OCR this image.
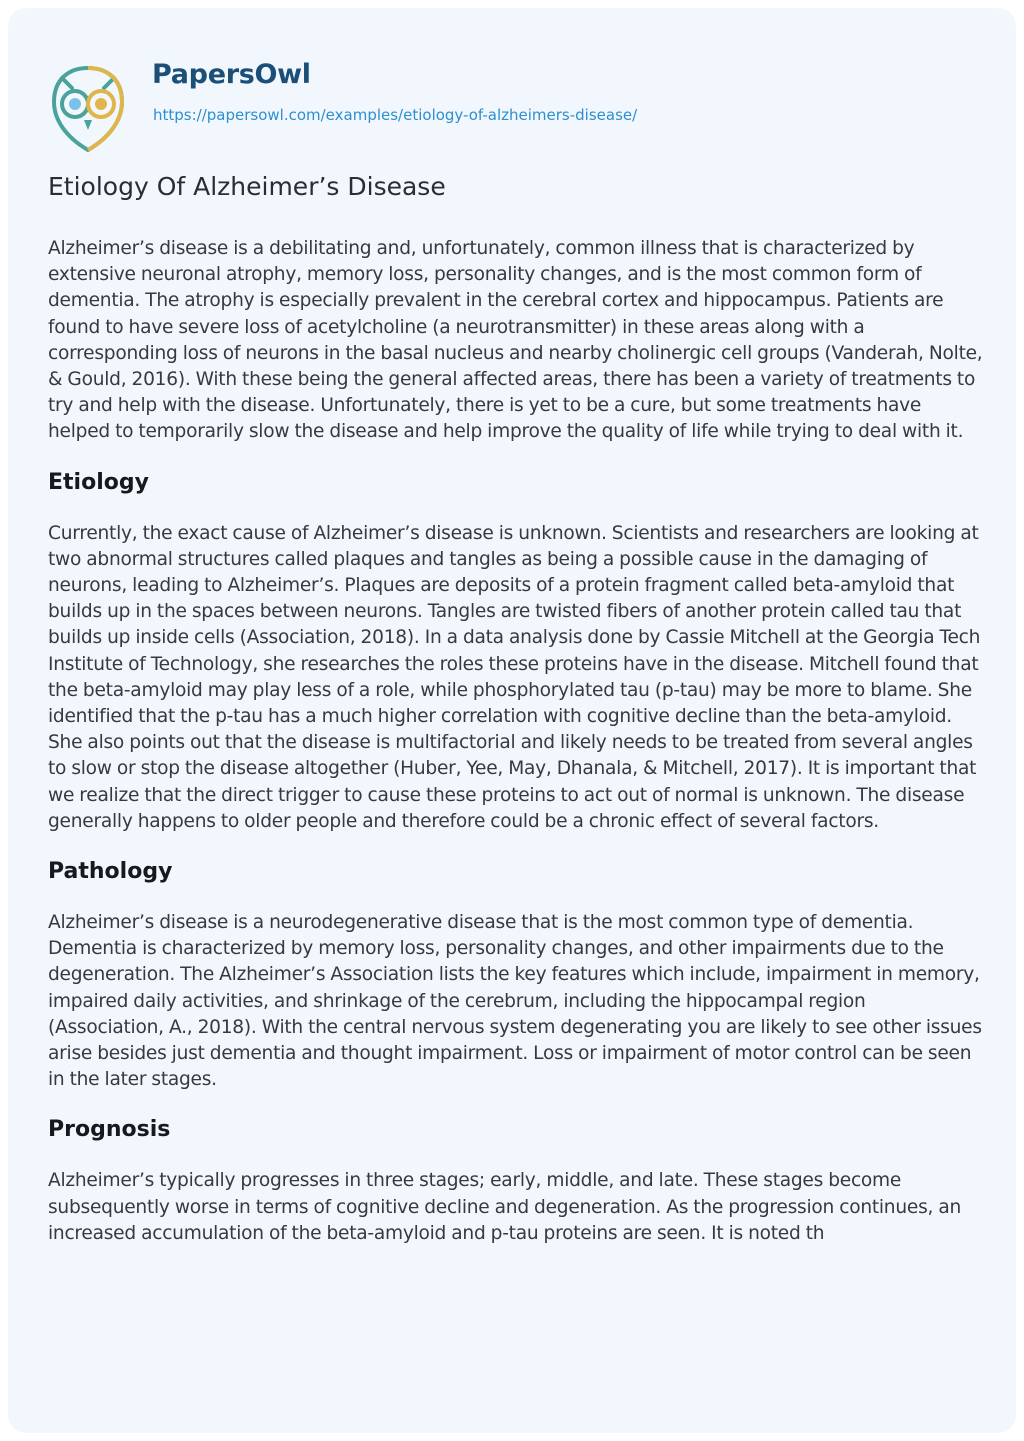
PapersOwl
https://papersowl.com/examples/etiology-of-alzheimers-disease/
Etiology Of Alzheimer’s Disease

Alzheimer’s disease is a debilitating and, unfortunately, common illness that is characterized by extensive neuronal atrophy, memory loss, personality changes, and is the most common form of dementia. The atrophy is especially prevalent in the cerebral cortex and hippocampus. Patients are found to have severe loss of acetylcholine (a neurotransmitter) in these areas along with a corresponding loss of neurons in the basal nucleus and nearby cholinergic cell groups (Vanderah, Nolte, & Gould, 2016). With these being the general affected areas, there has been a variety of treatments to try and help with the disease. Unfortunately, there is yet to be a cure, but some treatments have helped to temporarily slow the disease and help improve the quality of life while trying to deal with it.

Etiology

Currently, the exact cause of Alzheimer’s disease is unknown. Scientists and researchers are looking at two abnormal structures called plaques and tangles as being a possible cause in the damaging of neurons, leading to Alzheimer’s. Plaques are deposits of a protein fragment called beta-amyloid that builds up in the spaces between neurons. Tangles are twisted fibers of another protein called tau that builds up inside cells (Association, 2018). In a data analysis done by Cassie Mitchell at the Georgia Tech Institute of Technology, she researches the roles these proteins have in the disease. Mitchell found that the beta-amyloid may play less of a role, while phosphorylated tau (p-tau) may be more to blame. She identified that the p-tau has a much higher correlation with cognitive decline than the beta-amyloid. She also points out that the disease is multifactorial and likely needs to be treated from several angles to slow or stop the disease altogether (Huber, Yee, May, Dhanala, & Mitchell, 2017). It is important that we realize that the direct trigger to cause these proteins to act out of normal is unknown. The disease generally happens to older people and therefore could be a chronic effect of several factors.

Pathology

Alzheimer’s disease is a neurodegenerative disease that is the most common type of dementia. Dementia is characterized by memory loss, personality changes, and other impairments due to the degeneration. The Alzheimer’s Association lists the key features which include, impairment in memory, impaired daily activities, and shrinkage of the cerebrum, including the hippocampal region (Association, A., 2018). With the central nervous system degenerating you are likely to see other issues arise besides just dementia and thought impairment. Loss or impairment of motor control can be seen in the later stages.

Prognosis

Alzheimer’s typically progresses in three stages; early, middle, and late. These stages become subsequently worse in terms of cognitive decline and degeneration. As the progression continues, an increased accumulation of the beta-amyloid and p-tau proteins are seen. It is noted th
